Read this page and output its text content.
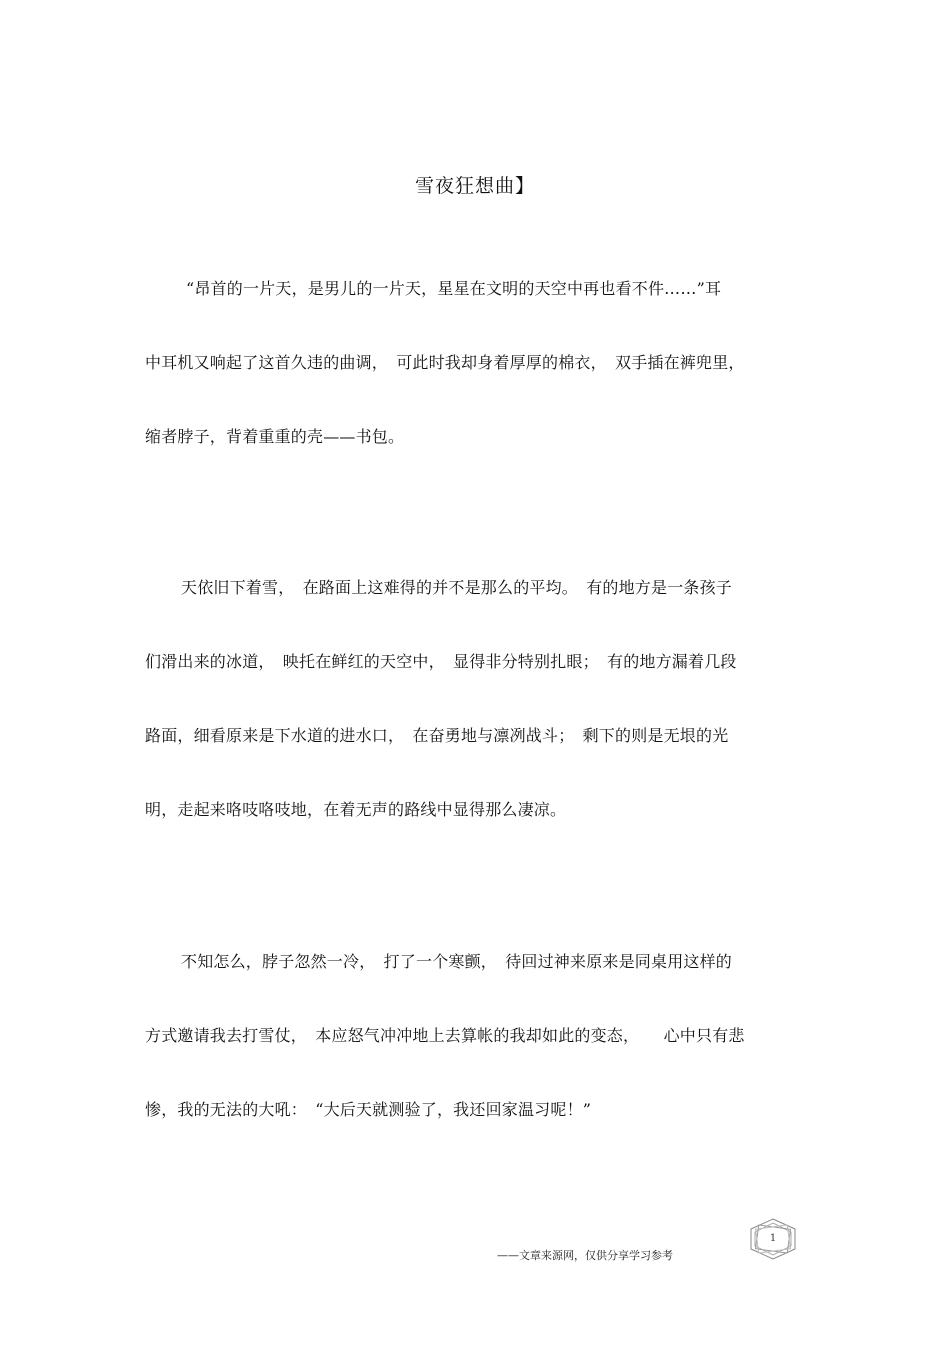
雪夜狂想曲】

“昂首的一片天，是男儿的一片天，星星在文明的天空中再也看不件……”耳

中耳机又响起了这首久违的曲调，　可此时我却身着厚厚的棉衣，　双手插在裤兜里，

缩者脖子，背着重重的壳——书包。

天依旧下着雪，　在路面上这难得的并不是那么的平均。　有的地方是一条孩子

们滑出来的冰道，　映托在鲜红的天空中，　显得非分特别扎眼；　有的地方漏着几段

路面，细看原来是下水道的进水口，　在奋勇地与凛冽战斗；　剩下的则是无垠的光

明，走起来咯吱咯吱地，在着无声的路线中显得那么凄凉。

不知怎么，脖子忽然一冷，　打了一个寒颤，　待回过神来原来是同桌用这样的

方式邀请我去打雪仗，　本应怒气冲冲地上去算帐的我却如此的变态，　　心中只有悲

惨，我的无法的大吼：　“大后天就测验了，我还回家温习呢！”

——文章来源网，仅供分享学习参考
1
